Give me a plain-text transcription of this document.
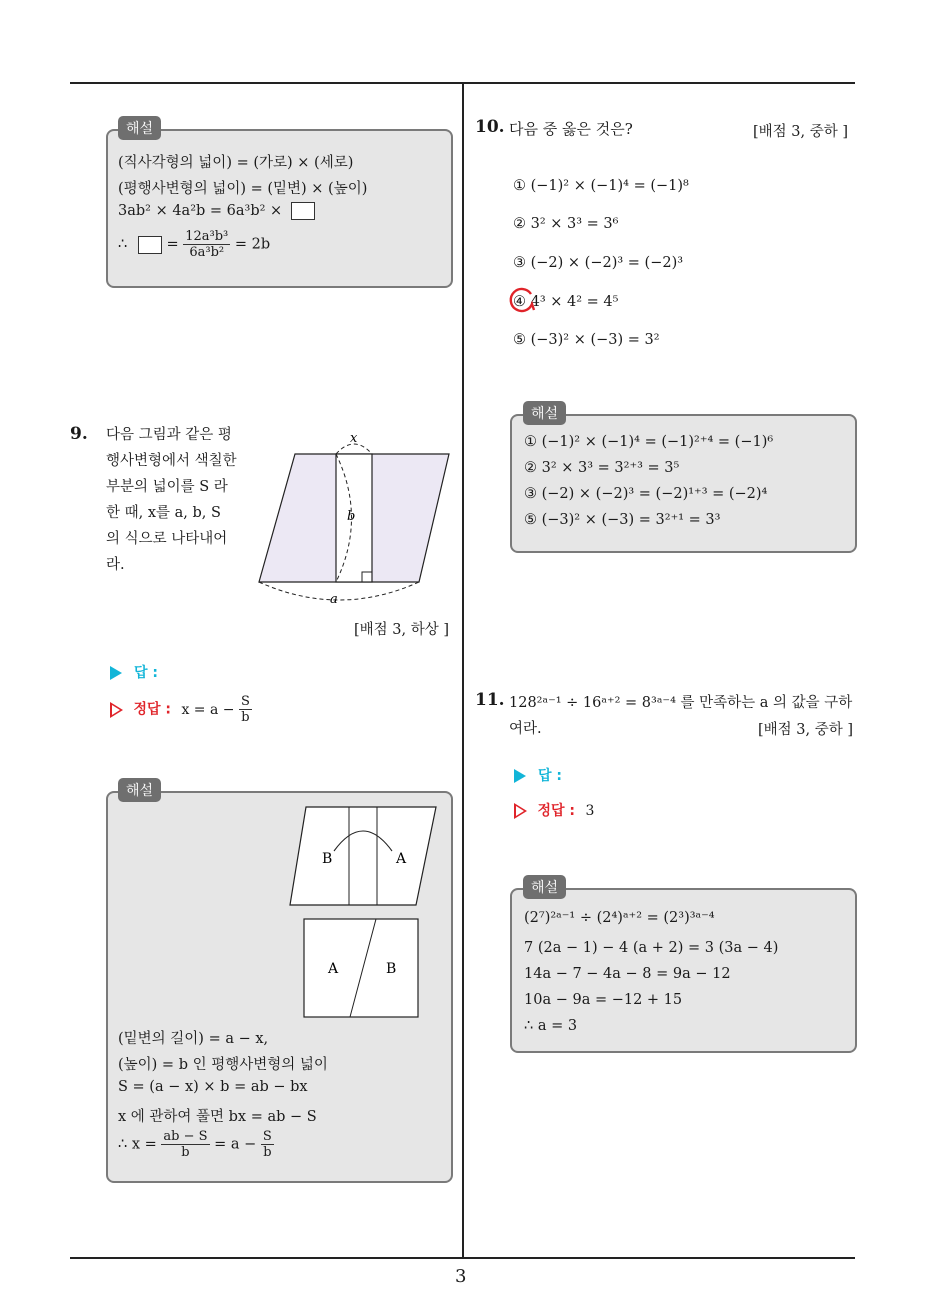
3
(직사각형의 넓이) = (가로) × (세로)
(평행사변형의 넓이) = (밑변) × (높이)
3ab² × 4a²b = 6a³b² ×
∴	= $\frac{\text{12a³b³}}{\text{6a³b²}} = 2b$
해설
9. 다음 그림과 같은 평
행사변형에서 색칠한
부분의 넓이를 S 라
한 때, x를 a, b, S
의 식으로 나타내어
라.
x
b
a
[배점 3, 하상 ]
답 :
정답 : $x = a - \frac{S}{b}$
B	A
A	B
(밑변의 길이) = a − x,
(높이) = b 인 평행사변형의 넓이
S = (a − x) × b = ab − bx
x 에 관하여 풀면 bx = ab − S
∴ $x = \frac{ab - S}{b} = a - \frac{S}{b}$
해설
10. 다음 중 옳은 것은?	[배점 3, 중하 ]
① (−1)² × (−1)⁴ = (−1)⁸
② 3² × 3³ = 3⁶
③ (−2) × (−2)³ = (−2)³
④ 4³ × 4² = 4⁵
⑤ (−3)² × (−3) = 3²
① (−1)² × (−1)⁴ = (−1)²⁺⁴ = (−1)⁶
② 3² × 3³ = 3²⁺³ = 3⁵
③ (−2) × (−2)³ = (−2)¹⁺³ = (−2)⁴
⑤ (−3)² × (−3) = 3²⁺¹ = 3³
해설
11. 128²ᵃ⁻¹ ÷ 16ᵃ⁺² = 8³ᵃ⁻⁴ 를 만족하는 a 의 값을 구하
여라.	[배점 3, 중하 ]
답 :
정답 : 3
(2⁷)²ᵃ⁻¹ ÷ (2⁴)ᵃ⁺² = (2³)³ᵃ⁻⁴
7 (2a − 1) − 4 (a + 2) = 3 (3a − 4)
14a − 7 − 4a − 8 = 9a − 12
10a − 9a = −12 + 15
∴ a = 3
해설
